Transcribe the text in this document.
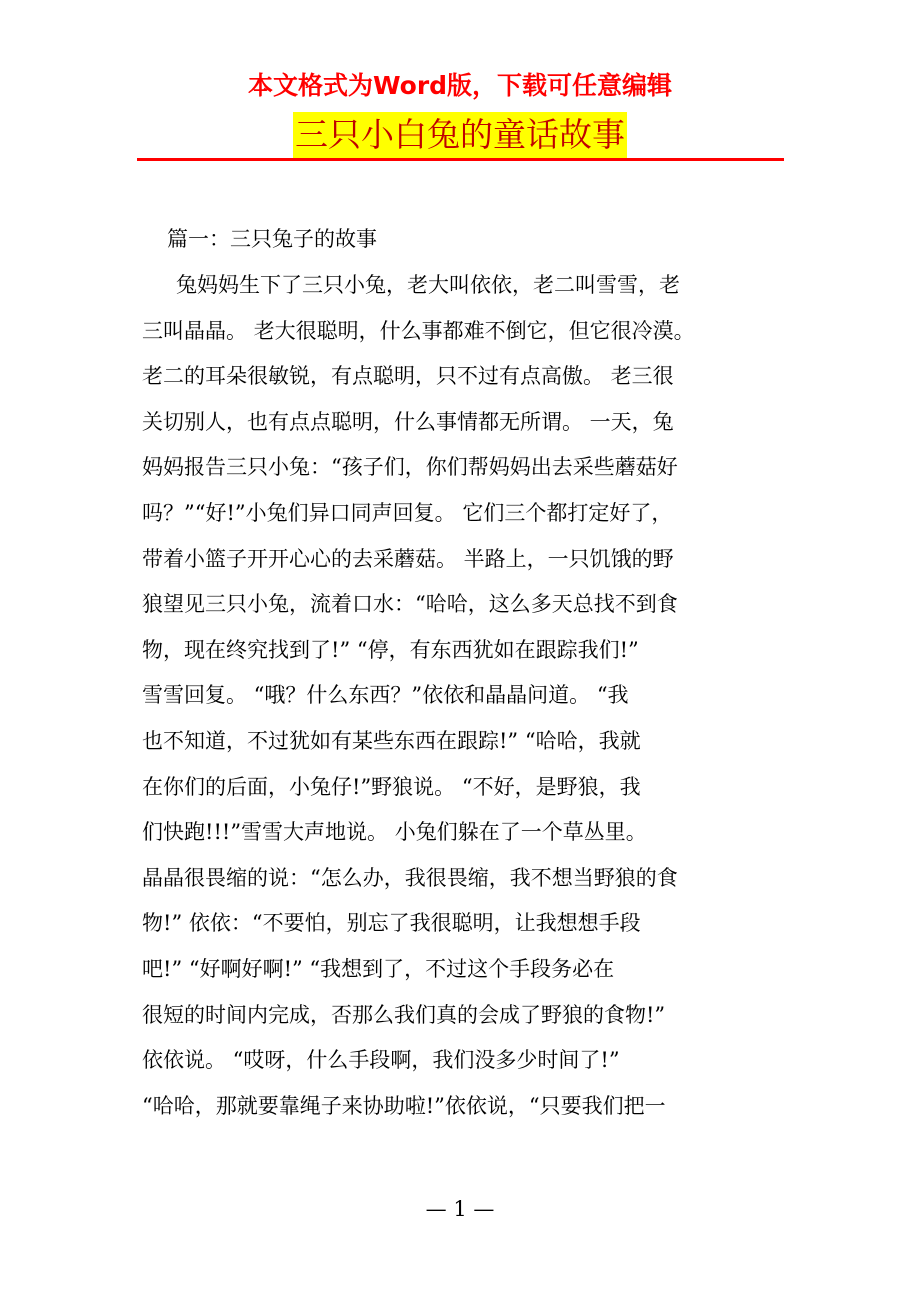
本文格式为Word版，下载可任意编辑
三只小白兔的童话故事
篇一：三只兔子的故事
兔妈妈生下了三只小兔，老大叫依依，老二叫雪雪，老
三叫晶晶。 老大很聪明，什么事都难不倒它，但它很冷漠。
老二的耳朵很敏锐，有点聪明，只不过有点高傲。 老三很
关切别人，也有点点聪明，什么事情都无所谓。 一天，兔
妈妈报告三只小兔：“孩子们，你们帮妈妈出去采些蘑菇好
吗？”“好!”小兔们异口同声回复。 它们三个都打定好了，
带着小篮子开开心心的去采蘑菇。 半路上，一只饥饿的野
狼望见三只小兔，流着口水：“哈哈，这么多天总找不到食
物，现在终究找到了!” “停，有东西犹如在跟踪我们!”
雪雪回复。 “哦？什么东西？”依依和晶晶问道。 “我
也不知道，不过犹如有某些东西在跟踪!” “哈哈，我就
在你们的后面，小兔仔!”野狼说。 “不好，是野狼，我
们快跑!!!”雪雪大声地说。 小兔们躲在了一个草丛里。
晶晶很畏缩的说：“怎么办，我很畏缩，我不想当野狼的食
物!” 依依：“不要怕，别忘了我很聪明，让我想想手段
吧!” “好啊好啊!” “我想到了，不过这个手段务必在
很短的时间内完成，否那么我们真的会成了野狼的食物!”
依依说。 “哎呀，什么手段啊，我们没多少时间了!”
“哈哈，那就要靠绳子来协助啦!”依依说，“只要我们把一
— 1 —
